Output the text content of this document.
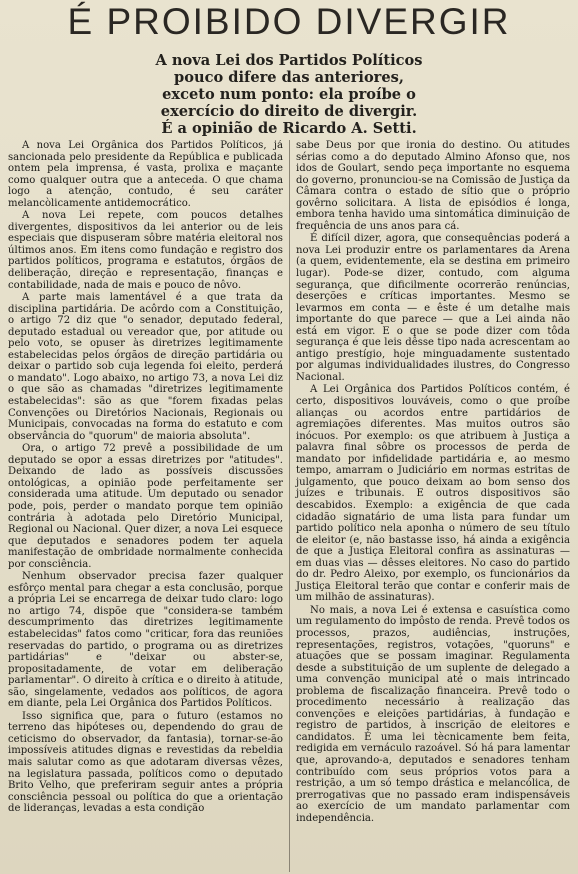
É PROIBIDO DIVERGIR
A nova Lei dos Partidos Políticos
pouco difere das anteriores,
exceto num ponto: ela proíbe o
exercício do direito de divergir.
É a opinião de Ricardo A. Setti.

A nova Lei Orgânica dos Partidos Políticos, já sancionada pelo presidente da República e publicada ontem pela imprensa, é vasta, prolixa e maçante como qualquer outra que a anteceda. O que chama logo a atenção, contudo, é seu caráter melancòlicamente antidemocrático.

A nova Lei repete, com poucos detalhes divergentes, dispositivos da lei anterior ou de leis especiais que dispuseram sôbre matéria eleitoral nos últimos anos. Em itens como fundação e registro dos partidos políticos, programa e estatutos, órgãos de deliberação, direção e representação, finanças e contabilidade, nada de mais e pouco de nôvo.

A parte mais lamentável é a que trata da disciplina partidária. De acôrdo com a Constituição, o artigo 72 diz que "o senador, deputado federal, deputado estadual ou vereador que, por atitude ou pelo voto, se opuser às diretrizes legitimamente estabelecidas pelos órgãos de direção partidária ou deixar o partido sob cuja legenda foi eleito, perderá o mandato". Logo abaixo, no artigo 73, a nova Lei diz o que são as chamadas "diretrizes legitimamente estabelecidas": são as que "forem fixadas pelas Convenções ou Diretórios Nacionais, Regionais ou Municipais, convocadas na forma do estatuto e com observância do "quorum" de maioria absoluta".

Ora, o artigo 72 prevê a possibilidade de um deputado se opor a essas diretrizes por "atitudes". Deixando de lado as possíveis discussões ontológicas, a opinião pode perfeitamente ser considerada uma atitude. Um deputado ou senador pode, pois, perder o mandato porque tem opinião contrária à adotada pelo Diretório Municipal, Regional ou Nacional. Quer dizer, a nova Lei esquece que deputados e senadores podem ter aquela manifestação de ombridade normalmente conhecida por consciência.

Nenhum observador precisa fazer qualquer esfôrço mental para chegar a esta conclusão, porque a própria Lei se encarrega de deixar tudo claro: logo no artigo 74, dispõe que "considera-se também descumprimento das diretrizes legitimamente estabelecidas" fatos como "criticar, fora das reuniões reservadas do partido, o programa ou as diretrizes partidárias" e "deixar ou abster-se, propositadamente, de votar em deliberação parlamentar". O direito à crítica e o direito à atitude, são, singelamente, vedados aos políticos, de agora em diante, pela Lei Orgânica dos Partidos Políticos.

Isso significa que, para o futuro (estamos no terreno das hipóteses ou, dependendo do grau de ceticismo do observador, da fantasia), tornar-se-ão impossíveis atitudes dignas e revestidas da rebeldia mais salutar como as que adotaram diversas vêzes, na legislatura passada, políticos como o deputado Brito Velho, que preferiram seguir antes a própria consciência pessoal ou política do que a orientação de lideranças, levadas a esta condição

sabe Deus por que ironia do destino. Ou atitudes sérias como a do deputado Almino Afonso que, nos idos de Goulart, sendo peça importante no esquema do governo, pronunciou-se na Comissão de Justiça da Câmara contra o estado de sítio que o próprio govêrno solicitara. A lista de episódios é longa, embora tenha havido uma sintomática diminuição de frequência de uns anos para cá.

É difícil dizer, agora, que consequências poderá a nova Lei produzir entre os parlamentares da Arena (a quem, evidentemente, ela se destina em primeiro lugar). Pode-se dizer, contudo, com alguma segurança, que dificilmente ocorrerão renúncias, deserções e críticas importantes. Mesmo se levarmos em conta — e êste é um detalhe mais importante do que parece — que a Lei ainda não está em vigor. E o que se pode dizer com tôda segurança é que leis dêsse tipo nada acrescentam ao antigo prestígio, hoje minguadamente sustentado por algumas individualidades ilustres, do Congresso Nacional.

A Lei Orgânica dos Partidos Políticos contém, é certo, dispositivos louváveis, como o que proíbe alianças ou acordos entre partidários de agremiações diferentes. Mas muitos outros são inócuos. Por exemplo: os que atribuem à Justiça a palavra final sôbre os processos de perda de mandato por infidelidade partidária e, ao mesmo tempo, amarram o Judiciário em normas estritas de julgamento, que pouco deixam ao bom senso dos juízes e tribunais. E outros dispositivos são descabidos. Exemplo: a exigência de que cada cidadão signatário de uma lista para fundar um partido político nela aponha o número de seu título de eleitor (e, não bastasse isso, há ainda a exigência de que a Justiça Eleitoral confira as assinaturas — em duas vias — dêsses eleitores. No caso do partido do dr. Pedro Aleixo, por exemplo, os funcionários da Justiça Eleitoral terão que contar e conferir mais de um milhão de assinaturas).

No mais, a nova Lei é extensa e casuística como um regulamento do impôsto de renda. Prevê todos os processos, prazos, audiências, instruções, representações, registros, votações, "quoruns" e atuações que se possam imaginar. Regulamenta desde a substituição de um suplente de delegado a uma convenção municipal até o mais intrincado problema de fiscalização financeira. Prevê todo o procedimento necessário à realização das convenções e eleições partidárias, à fundação e registro de partidos, à inscrição de eleitores e candidatos. É uma lei tècnicamente bem feita, redigida em vernáculo razoável. Só há para lamentar que, aprovando-a, deputados e senadores tenham contribuído com seus próprios votos para a restrição, a um só tempo drástica e melancólica, de prerrogativas que no passado eram indispensáveis ao exercício de um mandato parlamentar com independência.
